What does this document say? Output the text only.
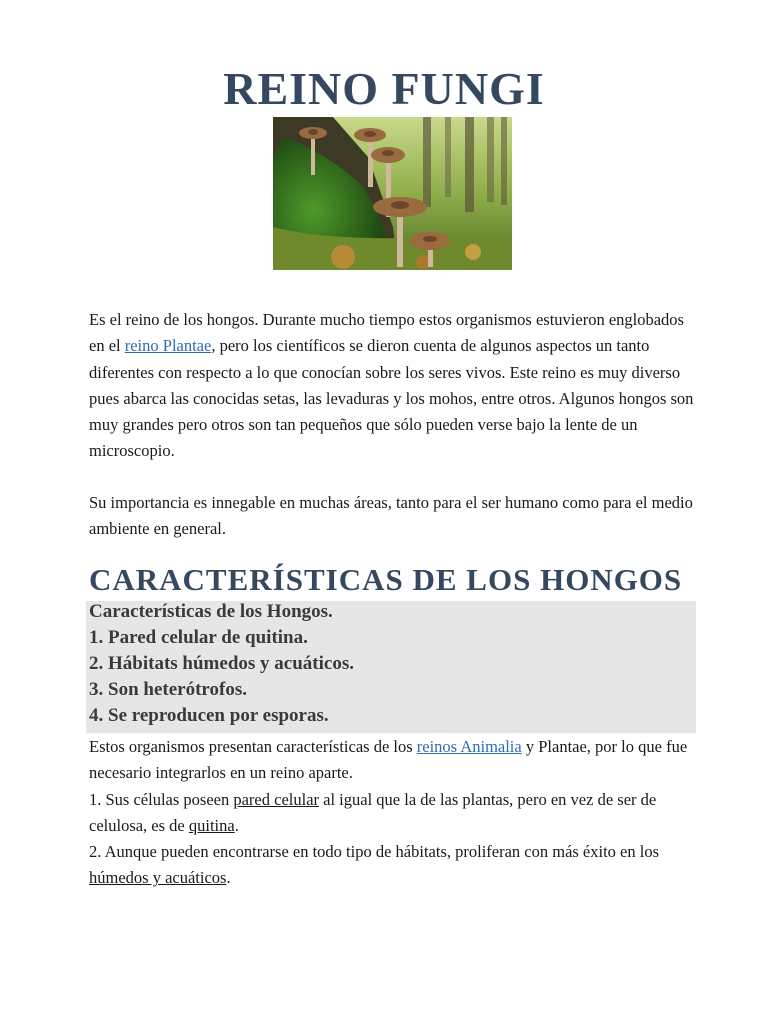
REINO FUNGI

Es el reino de los hongos. Durante mucho tiempo estos organismos estuvieron englobados en el reino Plantae, pero los científicos se dieron cuenta de algunos aspectos un tanto diferentes con respecto a lo que conocían sobre los seres vivos. Este reino es muy diverso pues abarca las conocidas setas, las levaduras y los mohos, entre otros. Algunos hongos son muy grandes pero otros son tan pequeños que sólo pueden verse bajo la lente de un microscopio.

Su importancia es innegable en muchas áreas, tanto para el ser humano como para el medio ambiente en general.

CARACTERÍSTICAS DE LOS HONGOS
Características de los Hongos.
1. Pared celular de quitina.
2. Hábitats húmedos y acuáticos.
3. Son heterótrofos.
4. Se reproducen por esporas.

Estos organismos presentan características de los reinos Animalia y Plantae, por lo que fue necesario integrarlos en un reino aparte.

1. Sus células poseen pared celular al igual que la de las plantas, pero en vez de ser de celulosa, es de quitina.

2. Aunque pueden encontrarse en todo tipo de hábitats, proliferan con más éxito en los húmedos y acuáticos.
